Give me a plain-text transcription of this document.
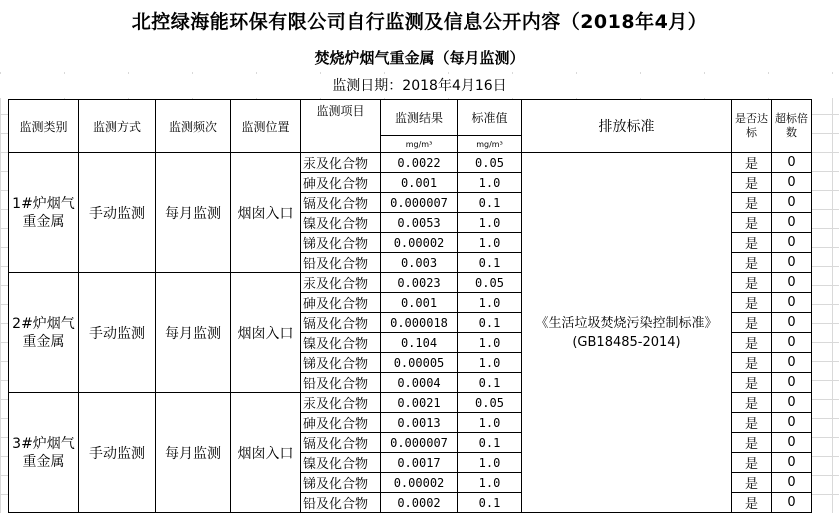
北控绿海能环保有限公司自行监测及信息公开内容（2018年4月）
焚烧炉烟气重金属（每月监测）
监测日期：2018年4月16日
监测类别	监测方式	监测频次	监测位置	监测项目	监测结果	标准值	排放标准	是否达标	超标倍数
					mg/m³	mg/m³			
1#炉烟气重金属	手动监测	每月监测	烟囱入口	汞及化合物	0.0022	0.05	《生活垃圾焚烧污染控制标准》(GB18485-2014)	是	0
				砷及化合物	0.001	1.0		是	0
				镉及化合物	0.000007	0.1		是	0
				镍及化合物	0.0053	1.0		是	0
				锑及化合物	0.00002	1.0		是	0
				铅及化合物	0.003	0.1		是	0
2#炉烟气重金属	手动监测	每月监测	烟囱入口	汞及化合物	0.0023	0.05		是	0
				砷及化合物	0.001	1.0		是	0
				镉及化合物	0.000018	0.1		是	0
				镍及化合物	0.104	1.0		是	0
				锑及化合物	0.00005	1.0		是	0
				铅及化合物	0.0004	0.1		是	0
3#炉烟气重金属	手动监测	每月监测	烟囱入口	汞及化合物	0.0021	0.05		是	0
				砷及化合物	0.0013	1.0		是	0
				镉及化合物	0.000007	0.1		是	0
				镍及化合物	0.0017	1.0		是	0
				锑及化合物	0.00002	1.0		是	0
				铅及化合物	0.0002	0.1		是	0
